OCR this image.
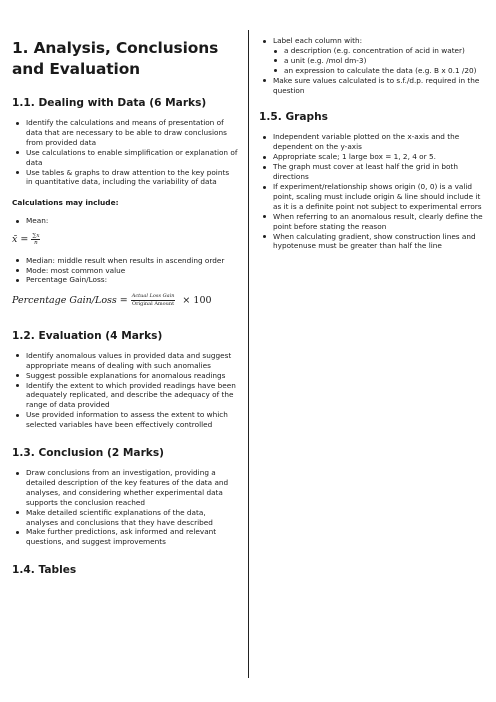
1. Analysis, Conclusions and Evaluation
1.1. Dealing with Data (6 Marks)
Identify the calculations and means of presentation of data that are necessary to be able to draw conclusions from provided data
Use calculations to enable simplification or explanation of data
Use tables & graphs to draw attention to the key points in quantitative data, including the variability of data
Calculations may include:
Mean:
x̄ = $\frac{\sum x}{n}$
Median: middle result when results in ascending order
Mode: most common value
Percentage Gain/Loss:
Percentage Gain/Loss = $\frac{\text{Actual Loss Gain}}{\text{Original Amount}} \times 100$
1.2. Evaluation (4 Marks)
Identify anomalous values in provided data and suggest appropriate means of dealing with such anomalies
Suggest possible explanations for anomalous readings
Identify the extent to which provided readings have been adequately replicated, and describe the adequacy of the range of data provided
Use provided information to assess the extent to which selected variables have been effectively controlled
1.3. Conclusion (2 Marks)
Draw conclusions from an investigation, providing a detailed description of the key features of the data and analyses, and considering whether experimental data supports the conclusion reached
Make detailed scientific explanations of the data, analyses and conclusions that they have described
Make further predictions, ask informed and relevant questions, and suggest improvements
1.4. Tables
Label each column with:
a description (e.g. concentration of acid in water)
a unit (e.g. /mol dm-3)
an expression to calculate the data (e.g. B x 0.1 /20)
Make sure values calculated is to s.f./d.p. required in the question
1.5. Graphs
Independent variable plotted on the x-axis and the dependent on the y-axis
Appropriate scale; 1 large box = 1, 2, 4 or 5.
The graph must cover at least half the grid in both directions
If experiment/relationship shows origin (0, 0) is a valid point, scaling must include origin & line should include it as it is a definite point not subject to experimental errors
When referring to an anomalous result, clearly define the point before stating the reason
When calculating gradient, show construction lines and hypotenuse must be greater than half the line
